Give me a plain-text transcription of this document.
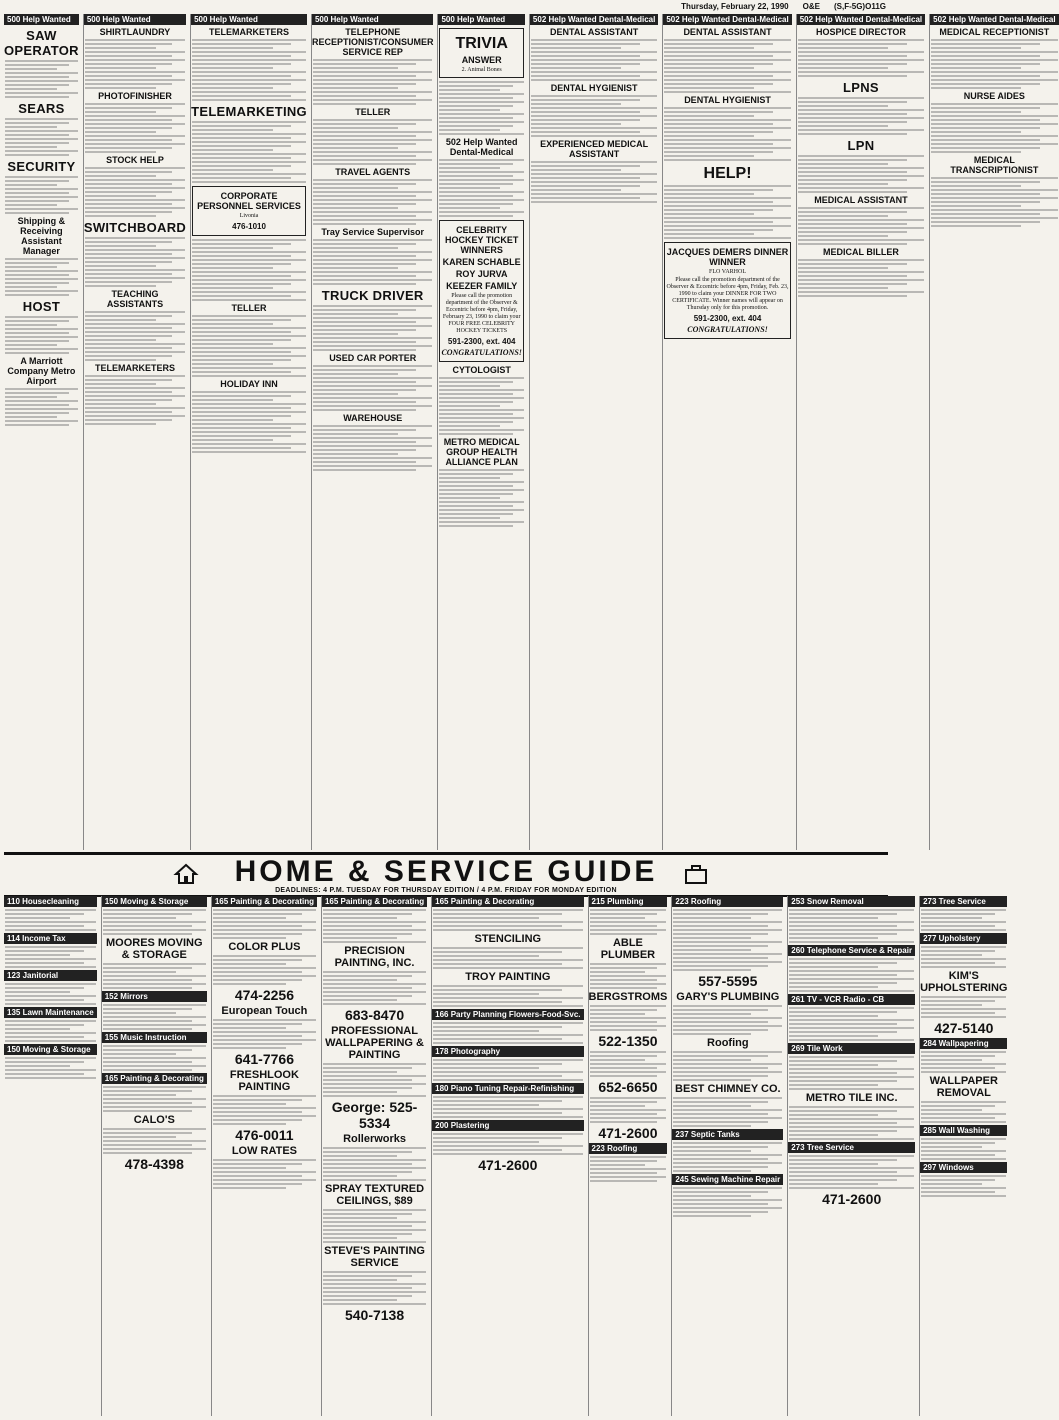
Thursday, February 22, 1990 O&E (S,F-5G)O11G
500 Help Wanted
SAW OPERATOR
SEARS
SECURITY
Shipping & Receiving Assistant Manager
HOST
A Marriott Company Metro Airport
500 Help Wanted
SHIRTLAUNDRY
PHOTOFINISHER
STOCK HELP
SWITCHBOARD
TEACHING ASSISTANTS
TELEMARKETERS
500 Help Wanted
TELEMARKETERS
TELEMARKETING
CORPORATE PERSONNEL SERVICES
Livonia
476-1010
TELLER
HOLIDAY INN
500 Help Wanted
TELEPHONE RECEPTIONIST/CONSUMER SERVICE REP
TELLER
TRAVEL AGENTS
Tray Service Supervisor
TRUCK DRIVER
USED CAR PORTER
WAREHOUSE
500 Help Wanted
TRIVIA
ANSWER
2. Animal Bones
502 Help Wanted Dental-Medical
CELEBRITY HOCKEY TICKET WINNERS
KAREN SCHABLE
ROY JURVA
KEEZER FAMILY
Please call the promotion department of the Observer & Eccentric before 4pm, Friday, February 23, 1990 to claim your FOUR FREE CELEBRITY HOCKEY TICKETS
591-2300, ext. 404
CONGRATULATIONS!
CYTOLOGIST
METRO MEDICAL GROUP HEALTH ALLIANCE PLAN
502 Help Wanted Dental-Medical
DENTAL ASSISTANT
DENTAL HYGIENIST
EXPERIENCED MEDICAL ASSISTANT
502 Help Wanted Dental-Medical
DENTAL ASSISTANT
DENTAL HYGIENIST
HELP!
JACQUES DEMERS DINNER WINNER
FLO VARHOL
Please call the promotion department of the Observer & Eccentric before 4pm, Friday, Feb. 23, 1990 to claim your DINNER FOR TWO CERTIFICATE. Winner names will appear on Thursday only for this promotion.
591-2300, ext. 404
CONGRATULATIONS!
502 Help Wanted Dental-Medical
HOSPICE DIRECTOR
LPNS
LPN
MEDICAL ASSISTANT
MEDICAL BILLER
502 Help Wanted Dental-Medical
MEDICAL RECEPTIONIST
NURSE AIDES
MEDICAL TRANSCRIPTIONIST
HOME & SERVICE GUIDE
DEADLINES: 4 P.M. TUESDAY FOR THURSDAY EDITION / 4 P.M. FRIDAY FOR MONDAY EDITION
110 Housecleaning
114 Income Tax
123 Janitorial
135 Lawn Maintenance
150 Moving & Storage
150 Moving & Storage
MOORES MOVING & STORAGE
152 Mirrors
155 Music Instruction
165 Painting & Decorating
CALO'S
478-4398
165 Painting & Decorating
COLOR PLUS
474-2256
European Touch
641-7766
FRESHLOOK PAINTING
476-0011
LOW RATES
165 Painting & Decorating
PRECISION PAINTING, INC.
683-8470
PROFESSIONAL WALLPAPERING & PAINTING
George: 525-5334
Rollerworks
SPRAY TEXTURED CEILINGS, $89
STEVE'S PAINTING SERVICE
540-7138
165 Painting & Decorating
STENCILING
TROY PAINTING
166 Party Planning Flowers-Food-Svc.
178 Photography
180 Piano Tuning Repair-Refinishing
200 Plastering
471-2600
215 Plumbing
ABLE PLUMBER
BERGSTROMS
522-1350
652-6650
471-2600
223 Roofing
223 Roofing
557-5595
GARY'S PLUMBING
Roofing
BEST CHIMNEY CO.
237 Septic Tanks
245 Sewing Machine Repair
253 Snow Removal
260 Telephone Service & Repair
261 TV - VCR Radio - CB
269 Tile Work
METRO TILE INC.
273 Tree Service
471-2600
273 Tree Service
277 Upholstery
KIM'S UPHOLSTERING
427-5140
284 Wallpapering
WALLPAPER REMOVAL
285 Wall Washing
297 Windows
